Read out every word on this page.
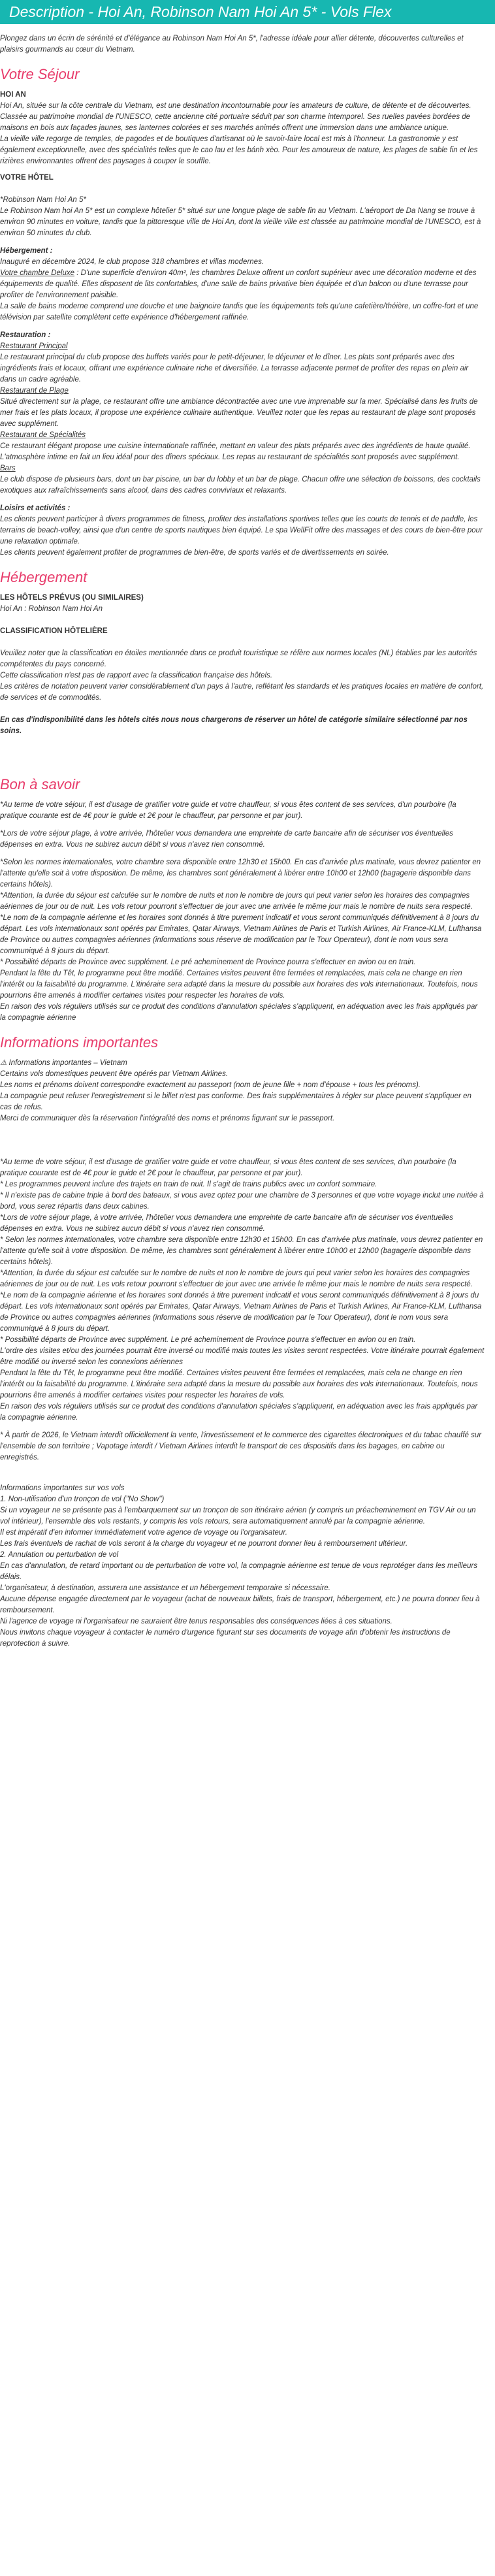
Description - Hoi An, Robinson Nam Hoi An 5* - Vols Flex

Plongez dans un écrin de sérénité et d'élégance au Robinson Nam Hoi An 5*, l'adresse idéale pour allier détente, découvertes culturelles et plaisirs gourmands au cœur du Vietnam.

Votre Séjour

HOI AN
Hoi An, située sur la côte centrale du Vietnam, est une destination incontournable pour les amateurs de culture, de détente et de découvertes. Classée au patrimoine mondial de l'UNESCO, cette ancienne cité portuaire séduit par son charme intemporel. Ses ruelles pavées bordées de maisons en bois aux façades jaunes, ses lanternes colorées et ses marchés animés offrent une immersion dans une ambiance unique.
La vieille ville regorge de temples, de pagodes et de boutiques d'artisanat où le savoir-faire local est mis à l'honneur. La gastronomie y est également exceptionnelle, avec des spécialités telles que le cao lau et les bánh xèo. Pour les amoureux de nature, les plages de sable fin et les rizières environnantes offrent des paysages à couper le souffle.

VOTRE HÔTEL

*Robinson Nam Hoi An 5*
Le Robinson Nam hoi An 5* est un complexe hôtelier 5* situé sur une longue plage de sable fin au Vietnam. L'aéroport de Da Nang se trouve à environ 90 minutes en voiture, tandis que la pittoresque ville de Hoi An, dont la vieille ville est classée au patrimoine mondial de l'UNESCO, est à environ 50 minutes du club.

Hébergement :
Inauguré en décembre 2024, le club propose 318 chambres et villas modernes.
Votre chambre Deluxe : D'une superficie d'environ 40m², les chambres Deluxe offrent un confort supérieur avec une décoration moderne et des équipements de qualité. Elles disposent de lits confortables, d'une salle de bains privative bien équipée et d'un balcon ou d'une terrasse pour profiter de l'environnement paisible.
La salle de bains moderne comprend une douche et une baignoire tandis que les équipements tels qu'une cafetière/théière, un coffre-fort et une télévision par satellite complètent cette expérience d'hébergement raffinée.

Restauration :
Restaurant Principal
Le restaurant principal du club propose des buffets variés pour le petit-déjeuner, le déjeuner et le dîner. Les plats sont préparés avec des ingrédients frais et locaux, offrant une expérience culinaire riche et diversifiée. La terrasse adjacente permet de profiter des repas en plein air dans un cadre agréable.
Restaurant de Plage
Situé directement sur la plage, ce restaurant offre une ambiance décontractée avec une vue imprenable sur la mer. Spécialisé dans les fruits de mer frais et les plats locaux, il propose une expérience culinaire authentique. Veuillez noter que les repas au restaurant de plage sont proposés avec supplément.
Restaurant de Spécialités
Ce restaurant élégant propose une cuisine internationale raffinée, mettant en valeur des plats préparés avec des ingrédients de haute qualité. L'atmosphère intime en fait un lieu idéal pour des dîners spéciaux. Les repas au restaurant de spécialités sont proposés avec supplément.
Bars
Le club dispose de plusieurs bars, dont un bar piscine, un bar du lobby et un bar de plage. Chacun offre une sélection de boissons, des cocktails exotiques aux rafraîchissements sans alcool, dans des cadres conviviaux et relaxants.

Loisirs et activités :
Les clients peuvent participer à divers programmes de fitness, profiter des installations sportives telles que les courts de tennis et de paddle, les terrains de beach-volley, ainsi que d'un centre de sports nautiques bien équipé. Le spa WellFit offre des massages et des cours de bien-être pour une relaxation optimale.
Les clients peuvent également profiter de programmes de bien-être, de sports variés et de divertissements en soirée.

Hébergement

LES HÔTELS PRÉVUS (OU SIMILAIRES)
Hoi An : Robinson Nam Hoi An

CLASSIFICATION HÔTELIÈRE

Veuillez noter que la classification en étoiles mentionnée dans ce produit touristique se réfère aux normes locales (NL) établies par les autorités compétentes du pays concerné.
Cette classification n'est pas de rapport avec la classification française des hôtels.
Les critères de notation peuvent varier considérablement d'un pays à l'autre, reflétant les standards et les pratiques locales en matière de confort, de services et de commodités.

En cas d'indisponibilité dans les hôtels cités nous nous chargerons de réserver un hôtel de catégorie similaire sélectionné par nos soins.

Bon à savoir

*Au terme de votre séjour, il est d'usage de gratifier votre guide et votre chauffeur, si vous êtes content de ses services, d'un pourboire (la pratique courante est de 4€ pour le guide et 2€ pour le chauffeur, par personne et par jour).

*Lors de votre séjour plage, à votre arrivée, l'hôtelier vous demandera une empreinte de carte bancaire afin de sécuriser vos éventuelles dépenses en extra. Vous ne subirez aucun débit si vous n'avez rien consommé.

*Selon les normes internationales, votre chambre sera disponible entre 12h30 et 15h00. En cas d'arrivée plus matinale, vous devrez patienter en l'attente qu'elle soit à votre disposition. De même, les chambres sont généralement à libérer entre 10h00 et 12h00 (bagagerie disponible dans certains hôtels).

*Attention, la durée du séjour est calculée sur le nombre de nuits et non le nombre de jours qui peut varier selon les horaires des compagnies aériennes de jour ou de nuit. Les vols retour pourront s'effectuer de jour avec une arrivée le même jour mais le nombre de nuits sera respecté.

*Le nom de la compagnie aérienne et les horaires sont donnés à titre purement indicatif et vous seront communiqués définitivement à 8 jours du départ. Les vols internationaux sont opérés par Emirates, Qatar Airways, Vietnam Airlines de Paris et Turkish Airlines, Air France-KLM, Lufthansa de Province ou autres compagnies aériennes (informations sous réserve de modification par le Tour Operateur), dont le nom vous sera communiqué à 8 jours du départ.

* Possibilité départs de Province avec supplément. Le pré acheminement de Province pourra s'effectuer en avion ou en train.

Pendant la fête du Têt, le programme peut être modifié. Certaines visites peuvent être fermées et remplacées, mais cela ne change en rien l'intérêt ou la faisabilité du programme. L'itinéraire sera adapté dans la mesure du possible aux horaires des vols internationaux. Toutefois, nous pourrions être amenés à modifier certaines visites pour respecter les horaires de vols.

En raison des vols réguliers utilisés sur ce produit des conditions d'annulation spéciales s'appliquent, en adéquation avec les frais appliqués par la compagnie aérienne

Informations importantes

⚠ Informations importantes – Vietnam
Certains vols domestiques peuvent être opérés par Vietnam Airlines.
Les noms et prénoms doivent correspondre exactement au passeport (nom de jeune fille + nom d'épouse + tous les prénoms).
La compagnie peut refuser l'enregistrement si le billet n'est pas conforme. Des frais supplémentaires à régler sur place peuvent s'appliquer en cas de refus.
Merci de communiquer dès la réservation l'intégralité des noms et prénoms figurant sur le passeport.

*Au terme de votre séjour, il est d'usage de gratifier votre guide et votre chauffeur, si vous êtes content de ses services, d'un pourboire (la pratique courante est de 4€ pour le guide et 2€ pour le chauffeur, par personne et par jour).
* Les programmes peuvent inclure des trajets en train de nuit. Il s'agit de trains publics avec un confort sommaire.
* Il n'existe pas de cabine triple à bord des bateaux, si vous avez optez pour une chambre de 3 personnes et que votre voyage inclut une nuitée à bord, vous serez répartis dans deux cabines.
*Lors de votre séjour plage, à votre arrivée, l'hôtelier vous demandera une empreinte de carte bancaire afin de sécuriser vos éventuelles dépenses en extra. Vous ne subirez aucun débit si vous n'avez rien consommé.
* Selon les normes internationales, votre chambre sera disponible entre 12h30 et 15h00. En cas d'arrivée plus matinale, vous devrez patienter en l'attente qu'elle soit à votre disposition. De même, les chambres sont généralement à libérer entre 10h00 et 12h00 (bagagerie disponible dans certains hôtels).
*Attention, la durée du séjour est calculée sur le nombre de nuits et non le nombre de jours qui peut varier selon les horaires des compagnies aériennes de jour ou de nuit. Les vols retour pourront s'effectuer de jour avec une arrivée le même jour mais le nombre de nuits sera respecté.
*Le nom de la compagnie aérienne et les horaires sont donnés à titre purement indicatif et vous seront communiqués définitivement à 8 jours du départ. Les vols internationaux sont opérés par Emirates, Qatar Airways, Vietnam Airlines de Paris et Turkish Airlines, Air France-KLM, Lufthansa de Province ou autres compagnies aériennes (informations sous réserve de modification par le Tour Operateur), dont le nom vous sera communiqué à 8 jours du départ.
* Possibilité départs de Province avec supplément. Le pré acheminement de Province pourra s'effectuer en avion ou en train.
L'ordre des visites et/ou des journées pourrait être inversé ou modifié mais toutes les visites seront respectées. Votre itinéraire pourrait également être modifié ou inversé selon les connexions aériennes
Pendant la fête du Têt, le programme peut être modifié. Certaines visites peuvent être fermées et remplacées, mais cela ne change en rien l'intérêt ou la faisabilité du programme. L'itinéraire sera adapté dans la mesure du possible aux horaires des vols internationaux. Toutefois, nous pourrions être amenés à modifier certaines visites pour respecter les horaires de vols.
En raison des vols réguliers utilisés sur ce produit des conditions d'annulation spéciales s'appliquent, en adéquation avec les frais appliqués par la compagnie aérienne.

* À partir de 2026, le Vietnam interdit officiellement la vente, l'investissement et le commerce des cigarettes électroniques et du tabac chauffé sur l'ensemble de son territoire ; Vapotage interdit / Vietnam Airlines interdit le transport de ces dispositifs dans les bagages, en cabine ou enregistrés.

Informations importantes sur vos vols
1. Non-utilisation d'un tronçon de vol ("No Show")
Si un voyageur ne se présente pas à l'embarquement sur un tronçon de son itinéraire aérien (y compris un préacheminement en TGV Air ou un vol intérieur), l'ensemble des vols restants, y compris les vols retours, sera automatiquement annulé par la compagnie aérienne.
Il est impératif d'en informer immédiatement votre agence de voyage ou l'organisateur.
Les frais éventuels de rachat de vols seront à la charge du voyageur et ne pourront donner lieu à remboursement ultérieur.
2. Annulation ou perturbation de vol
En cas d'annulation, de retard important ou de perturbation de votre vol, la compagnie aérienne est tenue de vous reprotéger dans les meilleurs délais.
L'organisateur, à destination, assurera une assistance et un hébergement temporaire si nécessaire.
Aucune dépense engagée directement par le voyageur (achat de nouveaux billets, frais de transport, hébergement, etc.) ne pourra donner lieu à remboursement.
Ni l'agence de voyage ni l'organisateur ne sauraient être tenus responsables des conséquences liées à ces situations.
Nous invitons chaque voyageur à contacter le numéro d'urgence figurant sur ses documents de voyage afin d'obtenir les instructions de reprotection à suivre.
